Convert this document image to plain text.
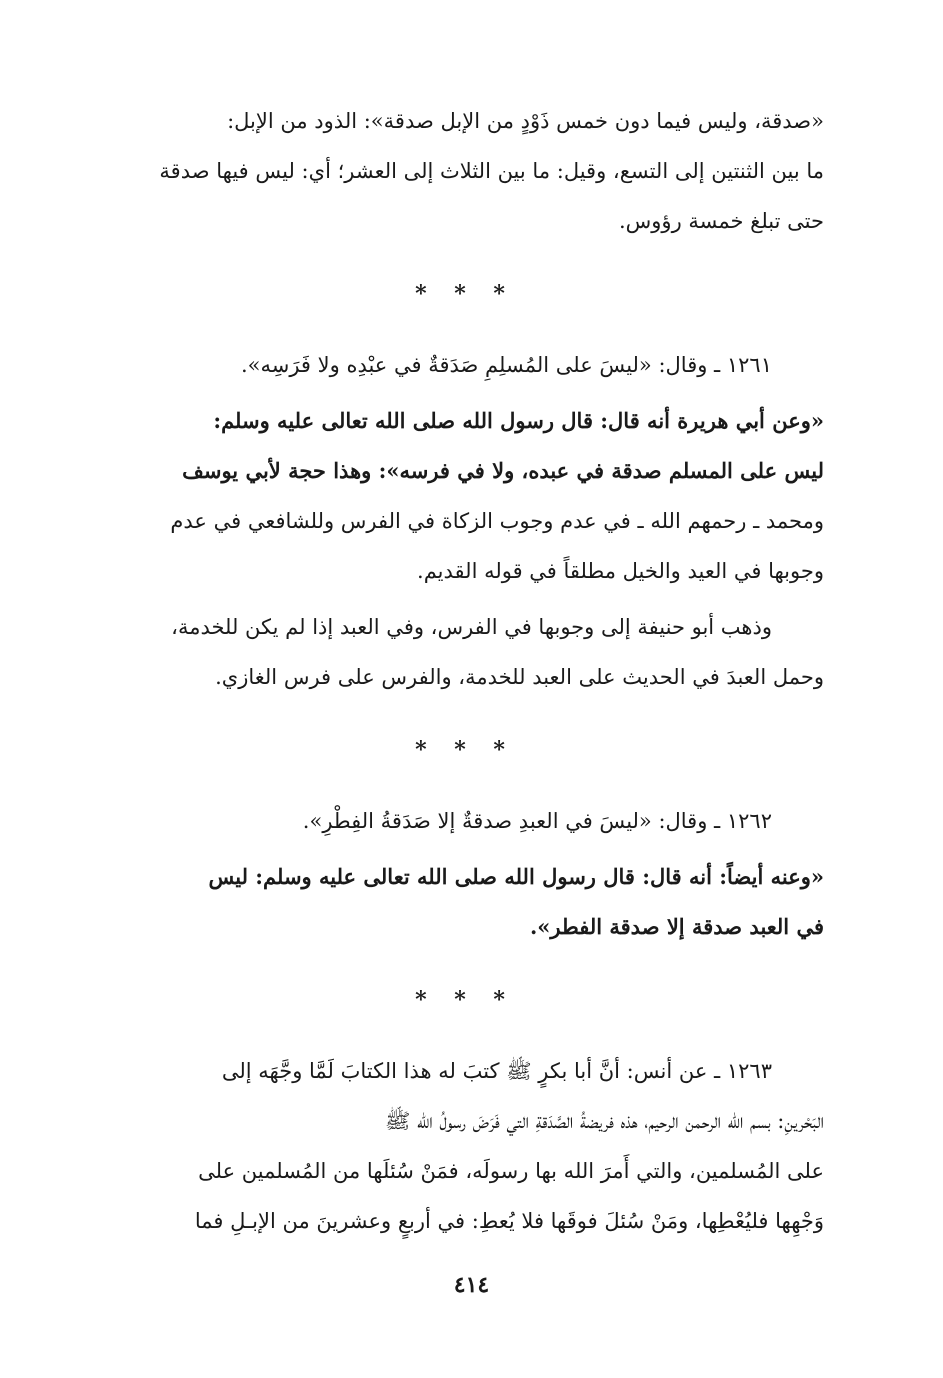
«صدقة، وليس فيما دون خمس ذَوْدٍ من الإبل صدقة»: الذود من الإبل:
ما بين الثنتين إلى التسع، وقيل: ما بين الثلاث إلى العشر؛ أي: ليس فيها صدقة
حتى تبلغ خمسة رؤوس.

* * *

١٢٦١ ـ وقال: «ليسَ على المُسلِمِ صَدَقةٌ في عبْدِه ولا فَرَسِه».

«وعن أبي هريرة أنه قال: قال رسول الله صلى الله تعالى عليه وسلم:
ليس على المسلم صدقة في عبده، ولا في فرسه»: وهذا حجة لأبي يوسف
ومحمد ـ رحمهم الله ـ في عدم وجوب الزكاة في الفرس وللشافعي في عدم
وجوبها في العيد والخيل مطلقاً في قوله القديم.

وذهب أبو حنيفة إلى وجوبها في الفرس، وفي العبد إذا لم يكن للخدمة،
وحمل العبدَ في الحديث على العبد للخدمة، والفرس على فرس الغازي.

* * *

١٢٦٢ ـ وقال: «ليسَ في العبدِ صدقةٌ إلا صَدَقةُ الفِطْرِ».

«وعنه أيضاً: أنه قال: قال رسول الله صلى الله تعالى عليه وسلم: ليس
في العبد صدقة إلا صدقة الفطر».

* * *

١٢٦٣ ـ عن أنس: أنَّ أبا بكرٍ ﷺ كتبَ له هذا الكتابَ لَمَّا وجَّهَه إلى
البَحْرينِ: بسم الله الرحمن الرحيم، هذه فريضةُ الصَّدَقةِ التي فَرَضَ رسولُ الله ﷺ
على المُسلمين، والتي أَمرَ الله بها رسولَه، فمَنْ سُئلَها من المُسلمين على
وَجْهِها فليُعْطِها، ومَنْ سُئلَ فوقَها فلا يُعطِ: في أربعٍ وعشرينَ من الإبـلِ فما

٤١٤
